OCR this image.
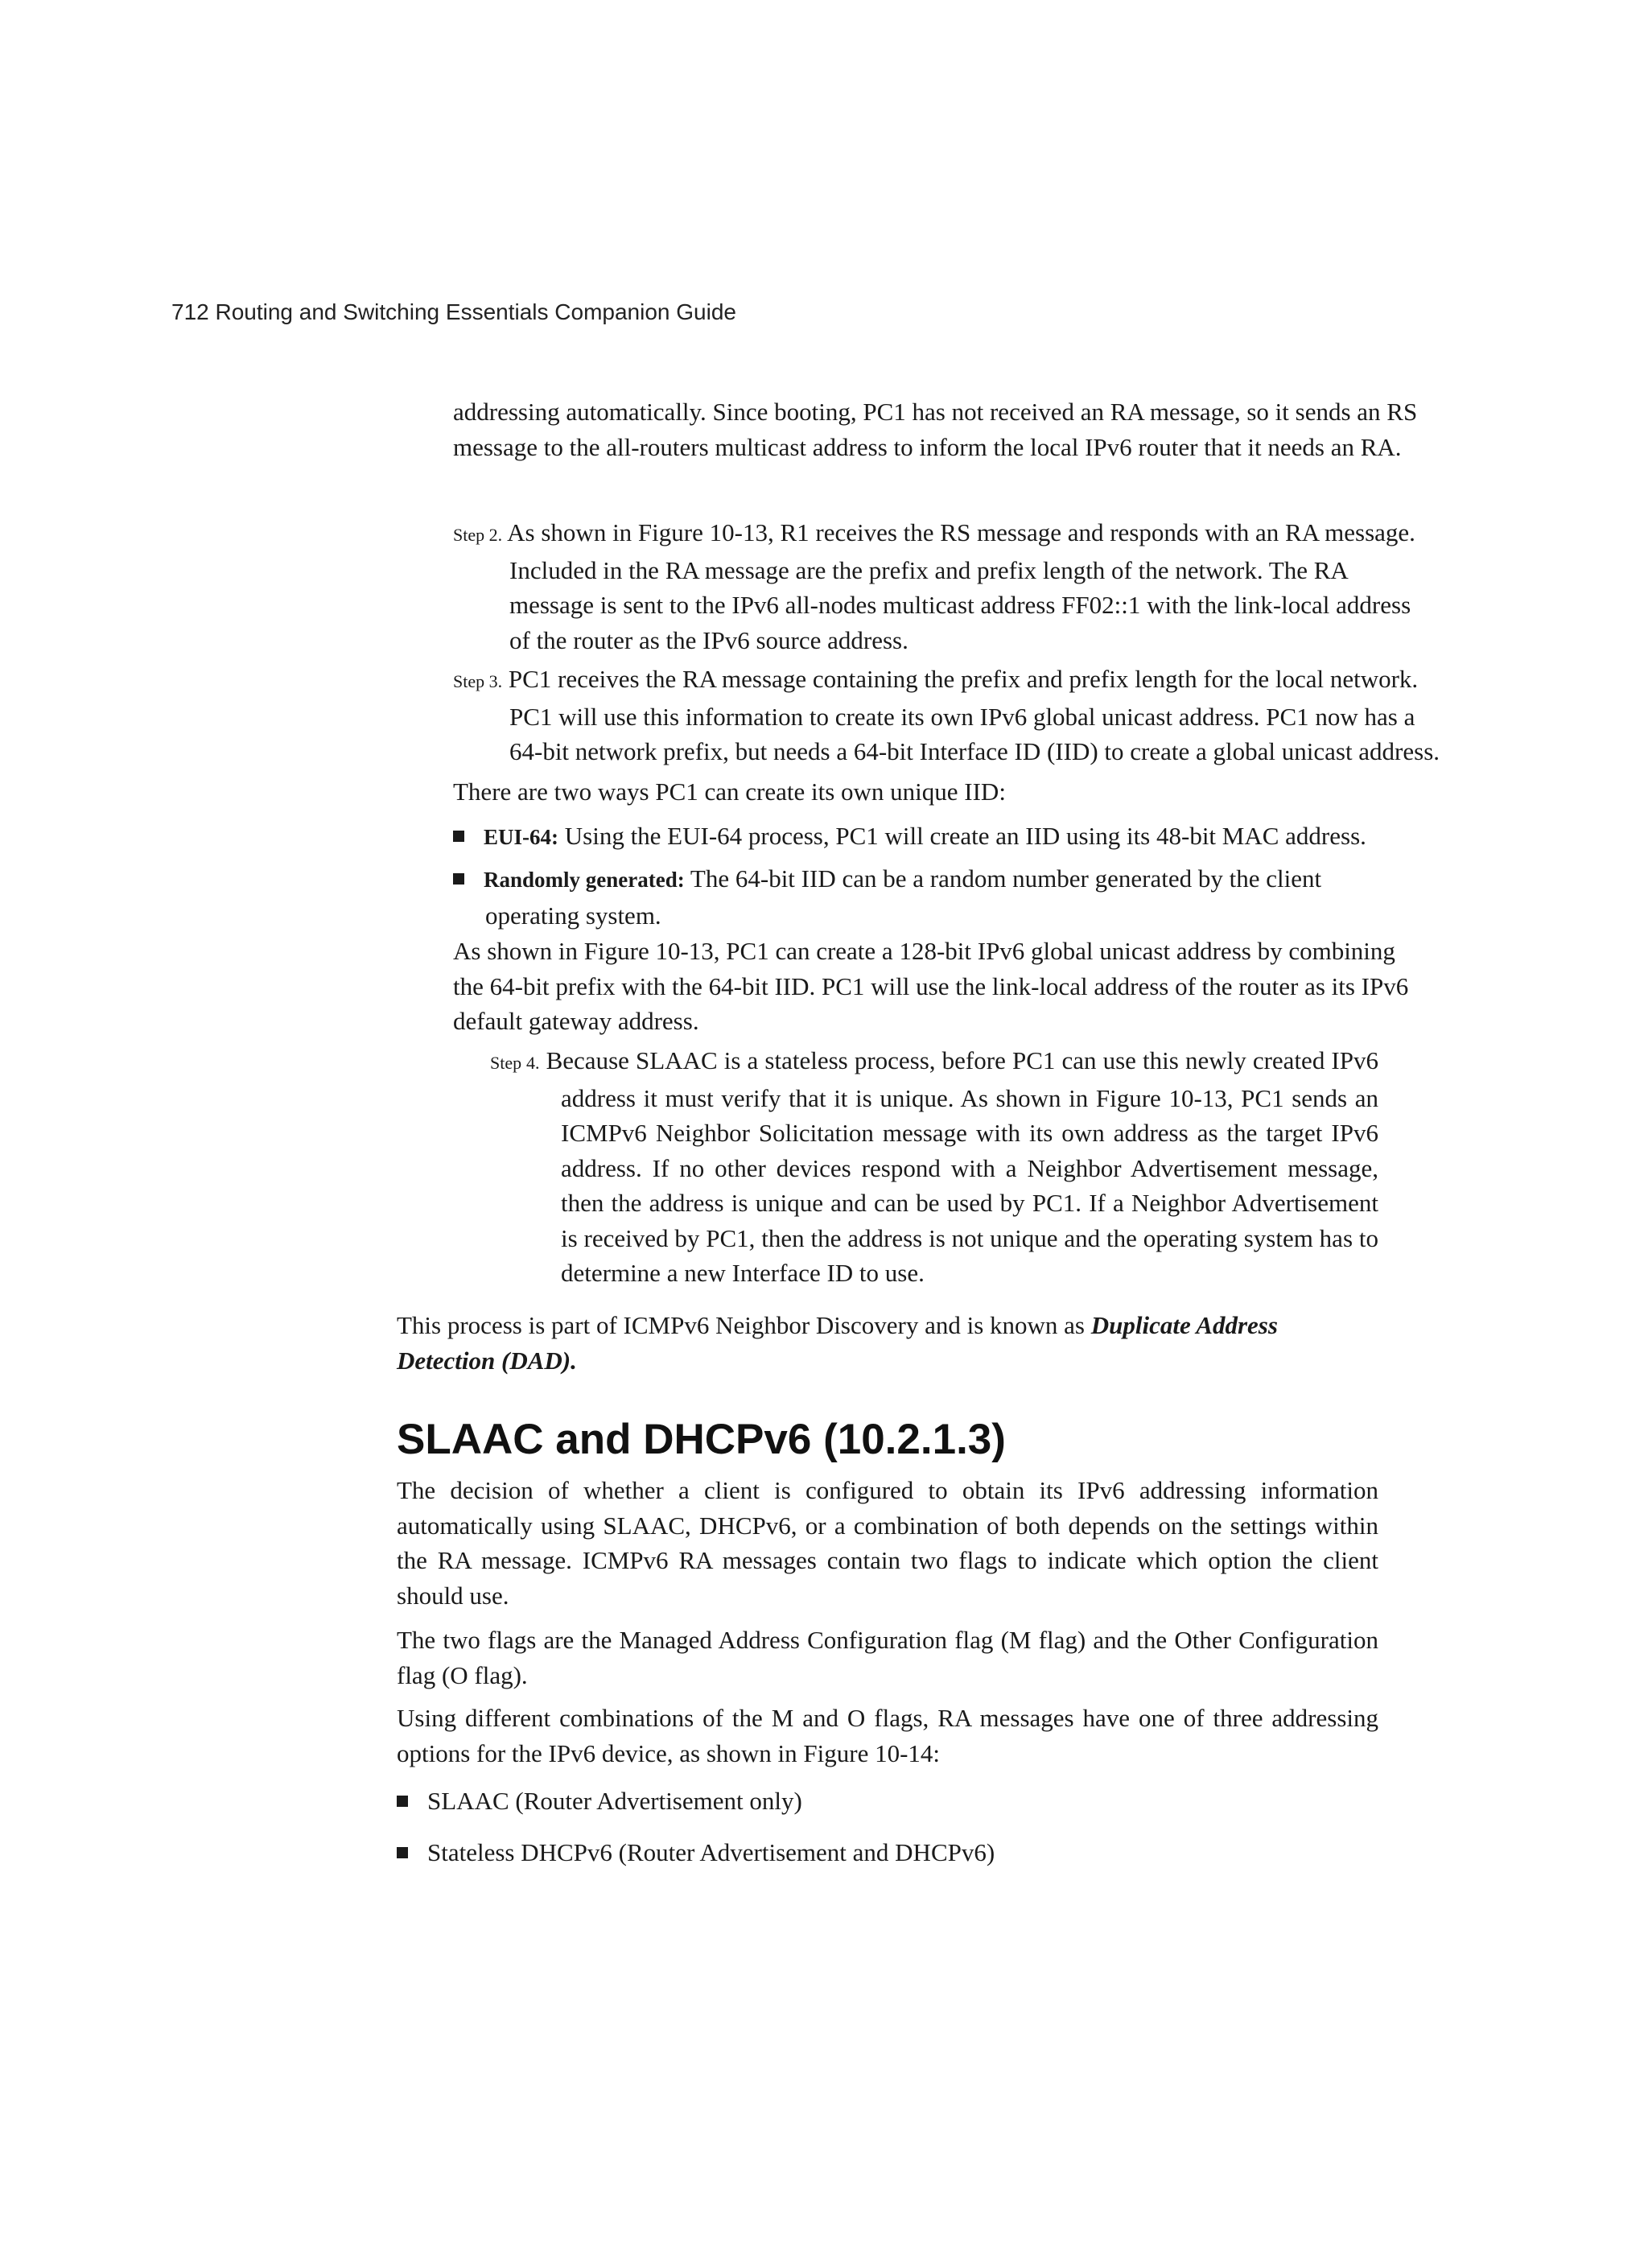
712 Routing and Switching Essentials Companion Guide

addressing automatically. Since booting, PC1 has not received an RA message, so it sends an RS message to the all-routers multicast address to inform the local IPv6 router that it needs an RA.

Step 2. As shown in Figure 10-13, R1 receives the RS message and responds with an RA message. Included in the RA message are the prefix and prefix length of the network. The RA message is sent to the IPv6 all-nodes multicast address FF02::1 with the link-local address of the router as the IPv6 source address.

Step 3. PC1 receives the RA message containing the prefix and prefix length for the local network. PC1 will use this information to create its own IPv6 global unicast address. PC1 now has a 64-bit network prefix, but needs a 64-bit Interface ID (IID) to create a global unicast address.

There are two ways PC1 can create its own unique IID:

EUI-64: Using the EUI-64 process, PC1 will create an IID using its 48-bit MAC address.

Randomly generated: The 64-bit IID can be a random number generated by the client operating system.

As shown in Figure 10-13, PC1 can create a 128-bit IPv6 global unicast address by combining the 64-bit prefix with the 64-bit IID. PC1 will use the link-local address of the router as its IPv6 default gateway address.

Step 4. Because SLAAC is a stateless process, before PC1 can use this newly created IPv6 address it must verify that it is unique. As shown in Figure 10-13, PC1 sends an ICMPv6 Neighbor Solicitation message with its own address as the target IPv6 address. If no other devices respond with a Neighbor Advertisement message, then the address is unique and can be used by PC1. If a Neighbor Advertisement is received by PC1, then the address is not unique and the operating system has to determine a new Interface ID to use.

This process is part of ICMPv6 Neighbor Discovery and is known as Duplicate Address Detection (DAD).

SLAAC and DHCPv6 (10.2.1.3)

The decision of whether a client is configured to obtain its IPv6 addressing information automatically using SLAAC, DHCPv6, or a combination of both depends on the settings within the RA message. ICMPv6 RA messages contain two flags to indicate which option the client should use.

The two flags are the Managed Address Configuration flag (M flag) and the Other Configuration flag (O flag).

Using different combinations of the M and O flags, RA messages have one of three addressing options for the IPv6 device, as shown in Figure 10-14:

SLAAC (Router Advertisement only)

Stateless DHCPv6 (Router Advertisement and DHCPv6)
